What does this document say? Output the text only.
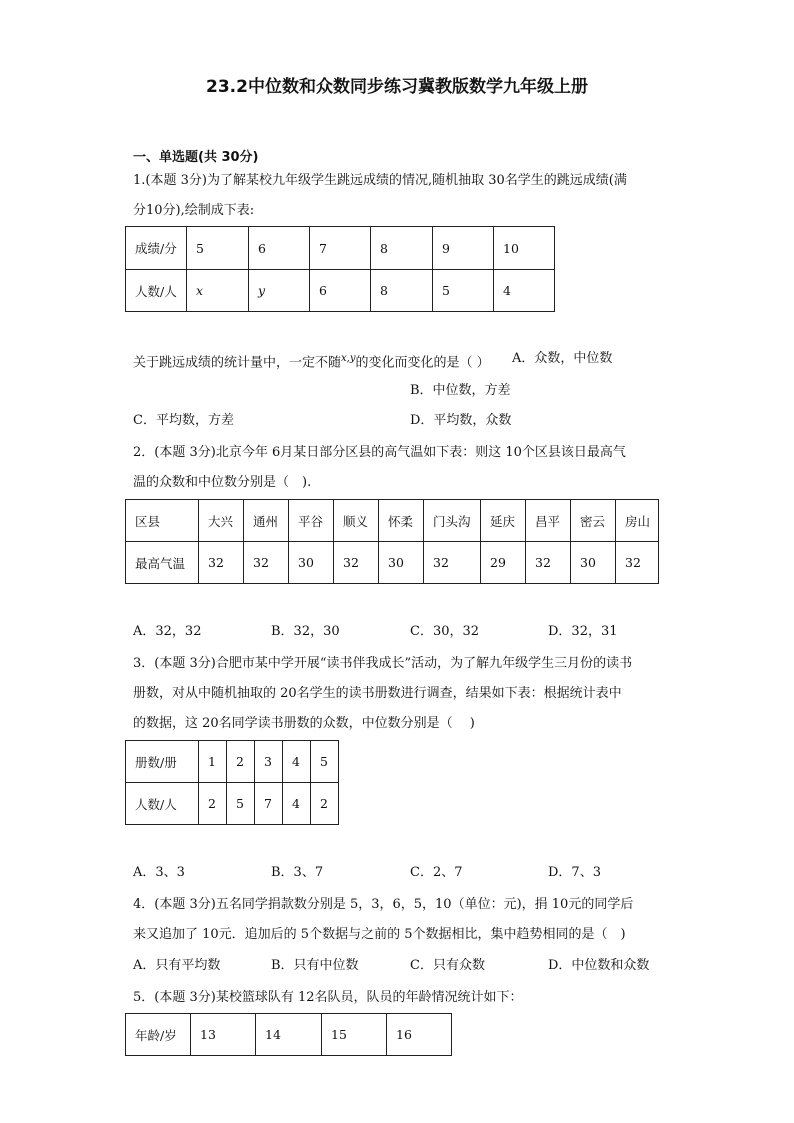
23.2中位数和众数同步练习冀教版数学九年级上册
一、单选题(共 30分)
1.(本题 3分)为了解某校九年级学生跳远成绩的情况,随机抽取 30名学生的跳远成绩(满
分10分),绘制成下表:
成绩/分	5	6	7	8	9	10
人数/人	x	y	6	8	5	4
关于跳远成绩的统计量中，一定不随$^{x,y}$的变化而变化的是（ ） A．众数，中位数
B．中位数，方差
C．平均数，方差	D．平均数，众数
2．(本题 3分)北京今年 6月某日部分区县的高气温如下表：则这 10个区县该日最高气
温的众数和中位数分别是（　).
区县	大兴	通州	平谷	顺义	怀柔	门头沟	延庆	昌平	密云	房山
最高气温	32	32	30	32	30	32	29	32	30	32
A．32，32	B．32，30	C．30，32	D．32，31
3．(本题 3分)合肥市某中学开展“读书伴我成长”活动，为了解九年级学生三月份的读书
册数，对从中随机抽取的 20名学生的读书册数进行调查，结果如下表：根据统计表中
的数据，这 20名同学读书册数的众数，中位数分别是（　 )
册数/册	1	2	3	4	5
人数/人	2	5	7	4	2
A．3、3	B．3、7	C．2、7	D．7、3
4．(本题 3分)五名同学捐款数分别是 5，3，6，5，10（单位：元)，捐 10元的同学后
来又追加了 10元．追加后的 5个数据与之前的 5个数据相比，集中趋势相同的是（　)
A．只有平均数	B．只有中位数	C．只有众数	D．中位数和众数
5．(本题 3分)某校篮球队有 12名队员，队员的年龄情况统计如下：
年龄/岁	13	14	15	16
